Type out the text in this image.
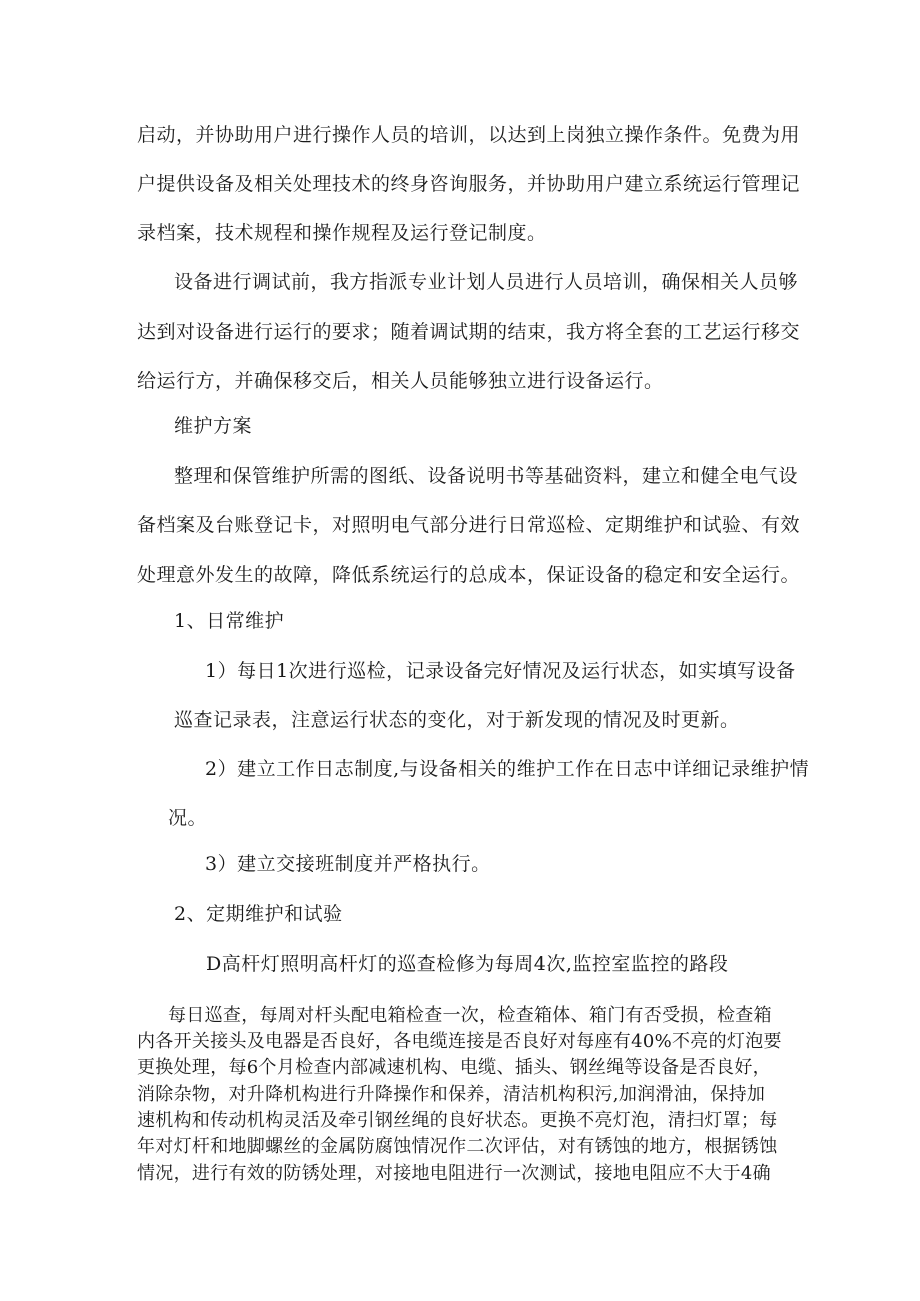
启动，并协助用户进行操作人员的培训，以达到上岗独立操作条件。免费为用
户提供设备及相关处理技术的终身咨询服务，并协助用户建立系统运行管理记
录档案，技术规程和操作规程及运行登记制度。
设备进行调试前，我方指派专业计划人员进行人员培训，确保相关人员够
达到对设备进行运行的要求；随着调试期的结束，我方将全套的工艺运行移交
给运行方，并确保移交后，相关人员能够独立进行设备运行。
维护方案
整理和保管维护所需的图纸、设备说明书等基础资料，建立和健全电气设
备档案及台账登记卡，对照明电气部分进行日常巡检、定期维护和试验、有效
处理意外发生的故障，降低系统运行的总成本，保证设备的稳定和安全运行。
1、日常维护
1）每日1次进行巡检，记录设备完好情况及运行状态，如实填写设备
巡查记录表，注意运行状态的变化，对于新发现的情况及时更新。
2）建立工作日志制度,与设备相关的维护工作在日志中详细记录维护情
况。
3）建立交接班制度并严格执行。
2、定期维护和试验
D高杆灯照明高杆灯的巡查检修为每周4次,监控室监控的路段
每日巡查，每周对杆头配电箱检查一次，检查箱体、箱门有否受损，检查箱
内各开关接头及电器是否良好，各电缆连接是否良好对每座有40%不亮的灯泡要
更换处理，每6个月检查内部减速机构、电缆、插头、钢丝绳等设备是否良好，
消除杂物，对升降机构进行升降操作和保养，清洁机构积污,加润滑油，保持加
速机构和传动机构灵活及牵引钢丝绳的良好状态。更换不亮灯泡，清扫灯罩；每
年对灯杆和地脚螺丝的金属防腐蚀情况作二次评估，对有锈蚀的地方，根据锈蚀
情况，进行有效的防锈处理，对接地电阻进行一次测试，接地电阻应不大于4确
